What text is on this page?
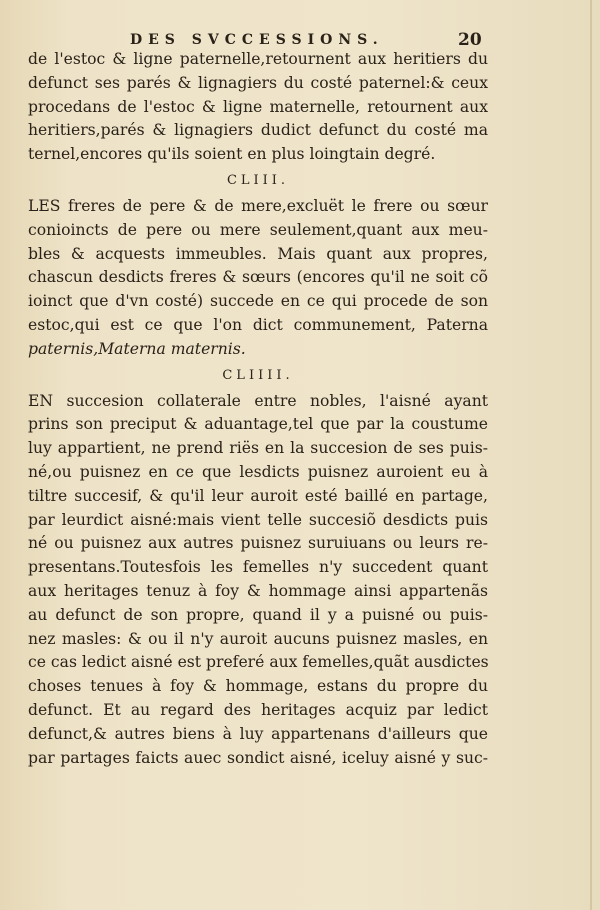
DES SVCCESSIONS.	20
de l'estoc & ligne paternelle,retournent aux heritiers du
defunct ses parés & lignagiers du costé paternel:& ceux
procedans de l'estoc & ligne maternelle, retournent aux
heritiers,parés & lignagiers dudict defunct du costé ma
ternel,encores qu'ils soient en plus loingtain degré.
CLIII.
LES freres de pere & de mere,excluët le frere ou sœur
conioincts de pere ou mere seulement,quant aux meu-
bles & acquests immeubles. Mais quant aux propres,
chascun desdicts freres & sœurs (encores qu'il ne soit cõ
ioinct que d'vn costé) succede en ce qui procede de son
estoc,qui est ce que l'on dict communement, Paterna
paternis,Materna maternis.
CLIIII.
EN succesion collaterale entre nobles, l'aisné ayant
prins son preciput & aduantage,tel que par la coustume
luy appartient, ne prend riës en la succesion de ses puis-
né,ou puisnez en ce que lesdicts puisnez auroient eu à
tiltre succesif, & qu'il leur auroit esté baillé en partage,
par leurdict aisné:mais vient telle succesiõ desdicts puis
né ou puisnez aux autres puisnez suruiuans ou leurs re-
presentans.Toutesfois les femelles n'y succedent quant
aux heritages tenuz à foy & hommage ainsi appartenãs
au defunct de son propre, quand il y a puisné ou puis-
nez masles: & ou il n'y auroit aucuns puisnez masles, en
ce cas ledict aisné est preferé aux femelles,quãt ausdictes
choses tenues à foy & hommage, estans du propre du
defunct. Et au regard des heritages acquiz par ledict
defunct,& autres biens à luy appartenans d'ailleurs que
par partages faicts auec sondict aisné, iceluy aisné y suc-
